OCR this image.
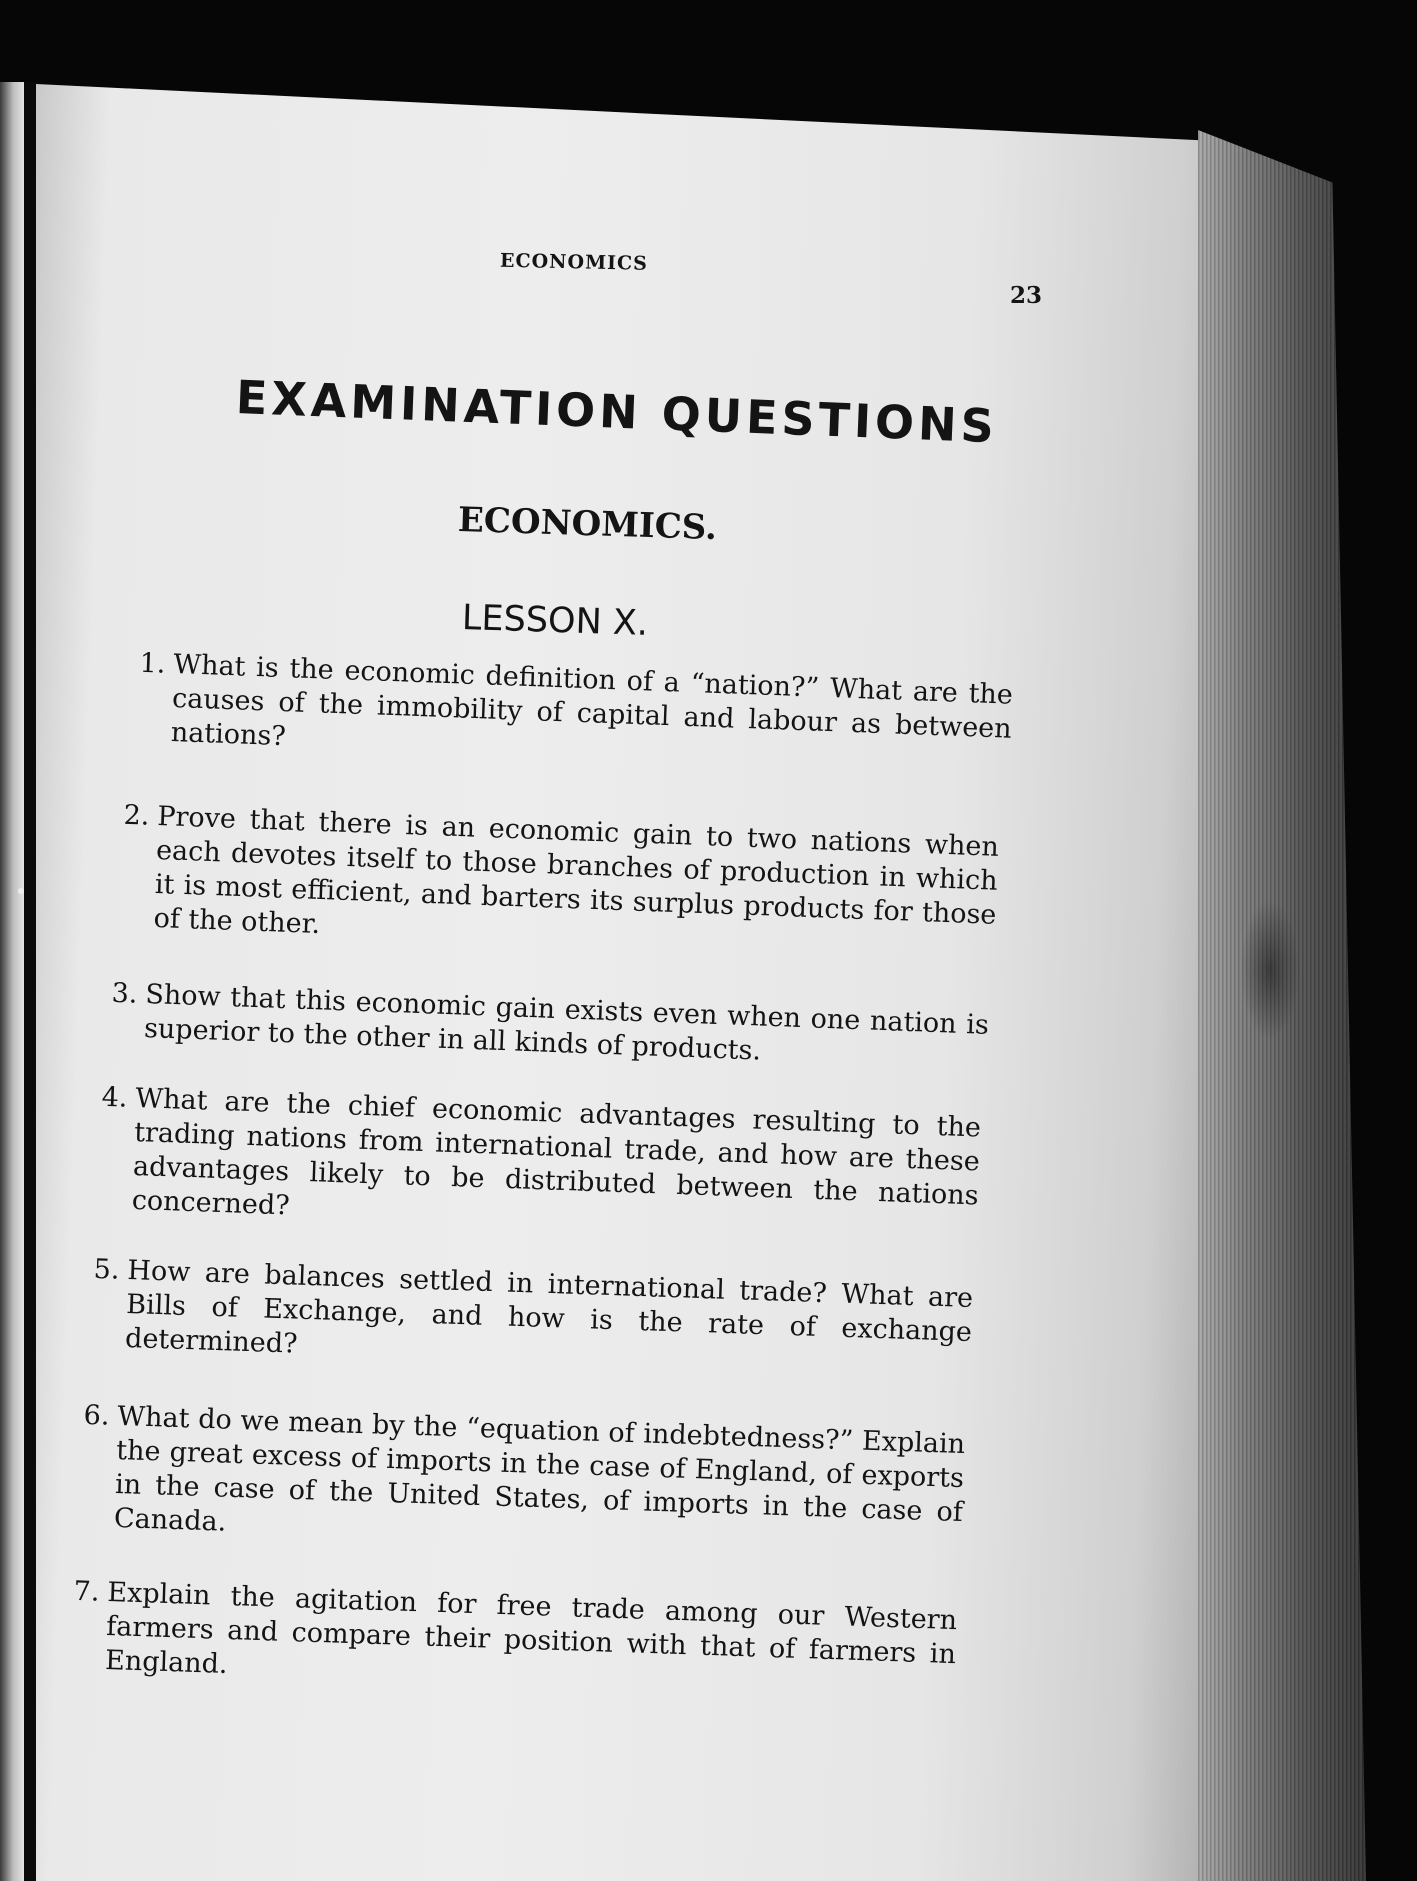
ECONOMICS
23
EXAMINATION QUESTIONS
ECONOMICS.
LESSON X.
1. What is the economic definition of a “nation?” What are the causes of the immobility of capital and labour as between nations?
2. Prove that there is an economic gain to two nations when each devotes itself to those branches of production in which it is most efficient, and barters its surplus products for those of the other.
3. Show that this economic gain exists even when one nation is superior to the other in all kinds of products.
4. What are the chief economic advantages resulting to the trading nations from international trade, and how are these advantages likely to be distributed between the nations concerned?
5. How are balances settled in international trade? What are Bills of Exchange, and how is the rate of exchange determined?
6. What do we mean by the “equation of indebtedness?” Explain the great excess of imports in the case of England, of exports in the case of the United States, of imports in the case of Canada.
7. Explain the agitation for free trade among our Western farmers and compare their position with that of farmers in England.
